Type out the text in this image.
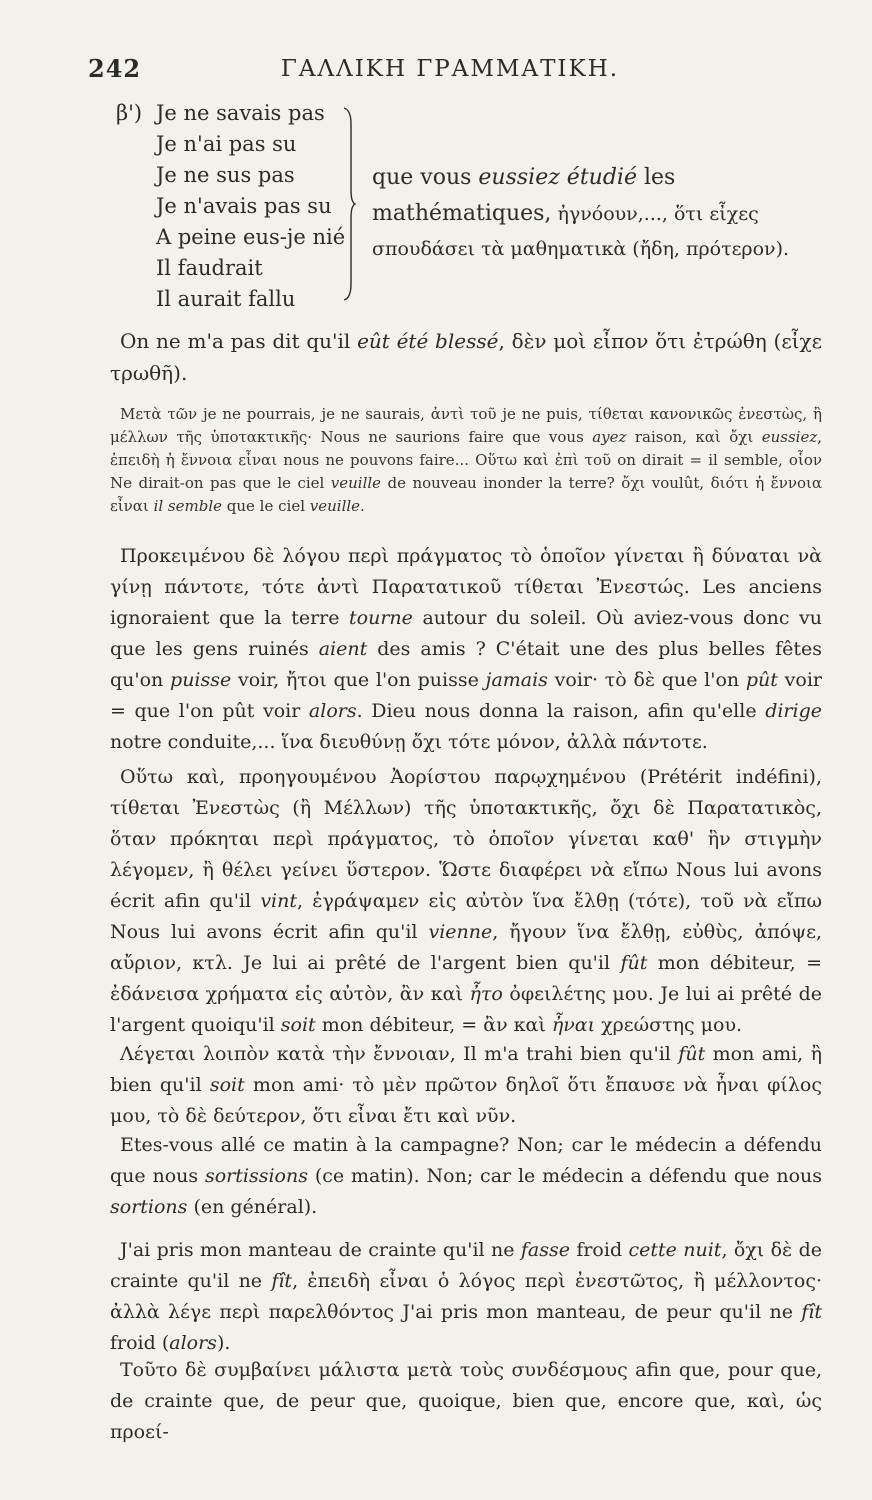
242	ΓΑΛΛΙΚΗ ΓΡΑΜΜΑΤΙΚΗ.
β') Je ne savais pas
Je n'ai pas su
Je ne sus pas
Je n'avais pas su
A peine eus-je nié
Il faudrait
Il aurait fallu
que vous eussiez étudié les mathématiques, ἠγνόουν,..., ὅτι εἶχες σπουδάσει τὰ μαθηματικὰ (ἤδη, πρότερον).
On ne m'a pas dit qu'il eût été blessé, δὲν μοὶ εἶπον ὅτι ἐτρώθη (εἶχε τρωθῆ).
Μετὰ τῶν je ne pourrais, je ne saurais, ἀντὶ τοῦ je ne puis, τίθεται κανονικῶς ἐνεστὼς, ἢ μέλλων τῆς ὑποτακτικῆς· Nous ne saurions faire que vous ayez raison, καὶ ὄχι eussiez, ἐπειδὴ ἡ ἔννοια εἶναι nous ne pouvons faire... Οὕτω καὶ ἐπὶ τοῦ on dirait = il semble, οἷον Ne dirait-on pas que le ciel veuille de nouveau inonder la terre? ὄχι voulût, διότι ἡ ἔννοια εἶναι il semble que le ciel veuille.
Προκειμένου δὲ λόγου περὶ πράγματος τὸ ὁποῖον γίνεται ἢ δύναται νὰ γίνῃ πάντοτε, τότε ἀντὶ Παρατατικοῦ τίθεται Ἐνεστώς. Les anciens ignoraient que la terre tourne autour du soleil. Où aviez-vous donc vu que les gens ruinés aient des amis ? C'était une des plus belles fêtes qu'on puisse voir, ἤτοι que l'on puisse jamais voir· τὸ δὲ que l'on pût voir = que l'on pût voir alors. Dieu nous donna la raison, afin qu'elle dirige notre conduite,... ἵνα διευθύνῃ ὄχι τότε μόνον, ἀλλὰ πάντοτε.
Οὕτω καὶ, προηγουμένου Ἀορίστου παρῳχημένου (Prétérit indéfini), τίθεται Ἐνεστὼς (ἢ Μέλλων) τῆς ὑποτακτικῆς, ὄχι δὲ Παρατατικὸς, ὅταν πρόκηται περὶ πράγματος, τὸ ὁποῖον γίνεται καθ' ἣν στιγμὴν λέγομεν, ἢ θέλει γείνει ὕστερον. Ὥστε διαφέρει νὰ εἴπω Nous lui avons écrit afin qu'il vint, ἐγράψαμεν εἰς αὐτὸν ἵνα ἔλθῃ (τότε), τοῦ νὰ εἴπω Nous lui avons écrit afin qu'il vienne, ἤγουν ἵνα ἔλθῃ, εὐθὺς, ἀπόψε, αὔριον, κτλ. Je lui ai prêté de l'argent bien qu'il fût mon débiteur, = ἐδάνεισα χρήματα εἰς αὐτὸν, ἂν καὶ ἦτο ὀφειλέτης μου. Je lui ai prêté de l'argent quoiqu'il soit mon débiteur, = ἂν καὶ ἦναι χρεώστης μου.
Λέγεται λοιπὸν κατὰ τὴν ἔννοιαν, Il m'a trahi bien qu'il fût mon ami, ἢ bien qu'il soit mon ami· τὸ μὲν πρῶτον δηλοῖ ὅτι ἔπαυσε νὰ ἦναι φίλος μου, τὸ δὲ δεύτερον, ὅτι εἶναι ἔτι καὶ νῦν.
Etes-vous allé ce matin à la campagne? Non; car le médecin a défendu que nous sortissions (ce matin). Non; car le médecin a défendu que nous sortions (en général).
J'ai pris mon manteau de crainte qu'il ne fasse froid cette nuit, ὄχι δὲ de crainte qu'il ne fît, ἐπειδὴ εἶναι ὁ λόγος περὶ ἐνεστῶτος, ἢ μέλλοντος· ἀλλὰ λέγε περὶ παρελθόντος J'ai pris mon manteau, de peur qu'il ne fît froid (alors).
Τοῦτο δὲ συμβαίνει μάλιστα μετὰ τοὺς συνδέσμους afin que, pour que, de crainte que, de peur que, quoique, bien que, encore que, καὶ, ὡς προεί-
